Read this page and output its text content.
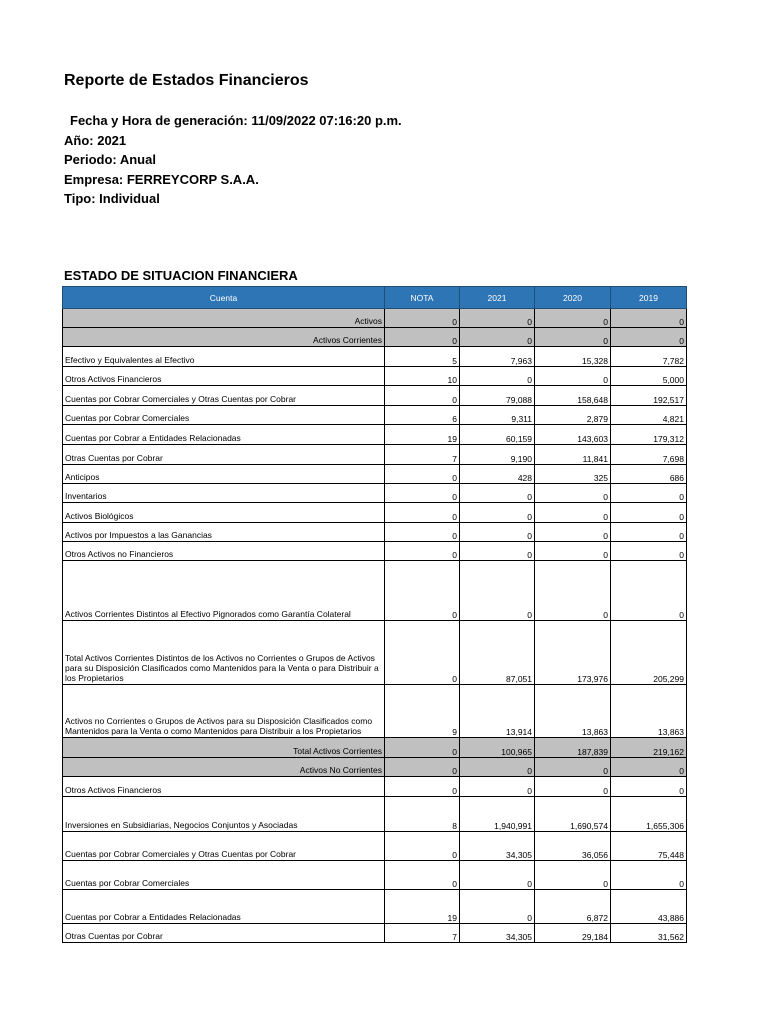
Reporte de Estados Financieros
Fecha y Hora de generación: 11/09/2022 07:16:20 p.m.
Año: 2021
Periodo: Anual
Empresa: FERREYCORP S.A.A.
Tipo: Individual
ESTADO DE SITUACION FINANCIERA
Cuenta	NOTA	2021	2020	2019
Activos	0	0	0	0
Activos Corrientes	0	0	0	0
Efectivo y Equivalentes al Efectivo	5	7,963	15,328	7,782
Otros Activos Financieros	10	0	0	5,000
Cuentas por Cobrar Comerciales y Otras Cuentas por Cobrar	0	79,088	158,648	192,517
Cuentas por Cobrar Comerciales	6	9,311	2,879	4,821
Cuentas por Cobrar a Entidades Relacionadas	19	60,159	143,603	179,312
Otras Cuentas por Cobrar	7	9,190	11,841	7,698
Anticipos	0	428	325	686
Inventarios	0	0	0	0
Activos Biológicos	0	0	0	0
Activos por Impuestos a las Ganancias	0	0	0	0
Otros Activos no Financieros	0	0	0	0
Activos Corrientes Distintos al Efectivo Pignorados como Garantía Colateral	0	0	0	0
Total Activos Corrientes Distintos de los Activos no Corrientes o Grupos de Activos para su Disposición Clasificados como Mantenidos para la Venta o para Distribuir a los Propietarios	0	87,051	173,976	205,299
Activos no Corrientes o Grupos de Activos para su Disposición Clasificados como Mantenidos para la Venta o como Mantenidos para Distribuir a los Propietarios	9	13,914	13,863	13,863
Total Activos Corrientes	0	100,965	187,839	219,162
Activos No Corrientes	0	0	0	0
Otros Activos Financieros	0	0	0	0
Inversiones en Subsidiarias, Negocios Conjuntos y Asociadas	8	1,940,991	1,690,574	1,655,306
Cuentas por Cobrar Comerciales y Otras Cuentas por Cobrar	0	34,305	36,056	75,448
Cuentas por Cobrar Comerciales	0	0	0	0
Cuentas por Cobrar a Entidades Relacionadas	19	0	6,872	43,886
Otras Cuentas por Cobrar	7	34,305	29,184	31,562
